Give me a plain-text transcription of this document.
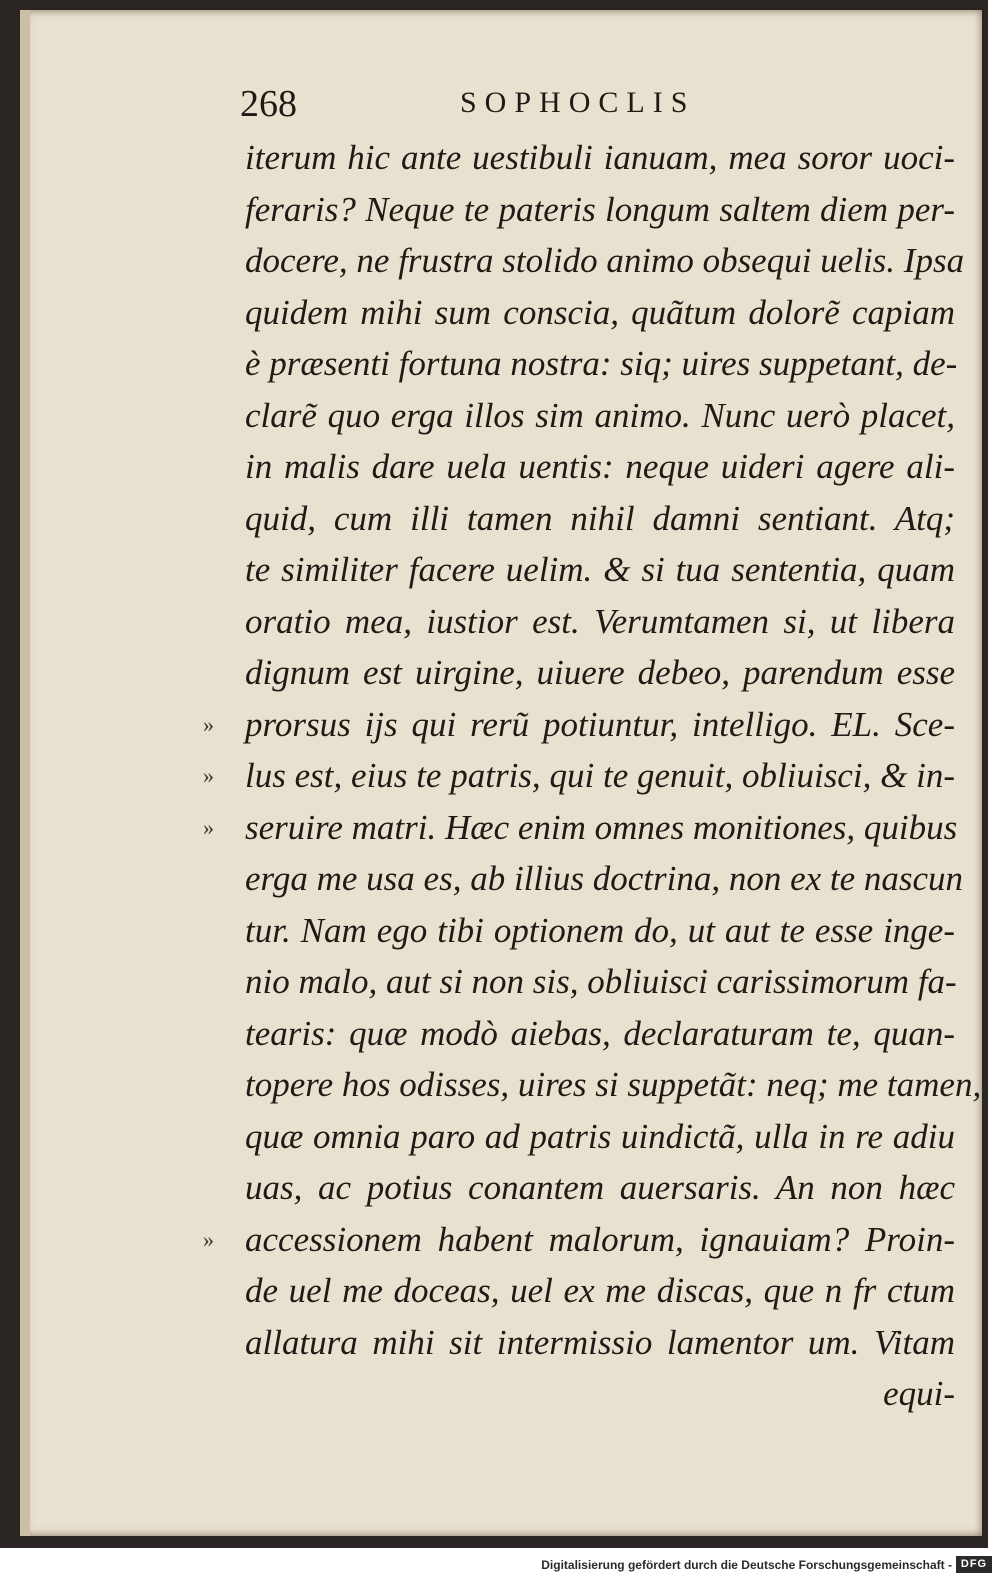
268	SOPHOCLIS
iterum hic ante uestibuli ianuam, mea soror uoci-
feraris? Neque te pateris longum saltem diem per-
docere, ne frustra stolido animo obsequi uelis. Ipsa
quidem mihi sum conscia, quãtum dolorẽ capiam
è præsenti fortuna nostra: siq; uires suppetant, de-
clarẽ quo erga illos sim animo. Nunc uerò placet,
in malis dare uela uentis: neque uideri agere ali-
quid, cum illi tamen nihil damni sentiant. Atq;
te similiter facere uelim. & si tua sententia, quam
oratio mea, iustior est. Verumtamen si, ut libera
dignum est uirgine, uiuere debeo, parendum esse
» prorsus ijs qui rerũ potiuntur, intelligo. EL. Sce-
» lus est, eius te patris, qui te genuit, obliuisci, & in-
» seruire matri. Hæc enim omnes monitiones, quibus
erga me usa es, ab illius doctrina, non ex te nascun
tur. Nam ego tibi optionem do, ut aut te esse inge-
nio malo, aut si non sis, obliuisci carissimorum fa-
tearis: quæ modò aiebas, declaraturam te, quan-
topere hos odisses, uires si suppetãt: neq; me tamen,
quæ omnia paro ad patris uindictã, ulla in re adiu
uas, ac potius conantem auersaris. An non hæc
» accessionem habent malorum, ignauiam? Proin-
de uel me doceas, uel ex me discas, que n fr ctum
allatura mihi sit intermissio lamentor um. Vitam
equi-
Digitalisierung gefördert durch die Deutsche Forschungsgemeinschaft - DFG
